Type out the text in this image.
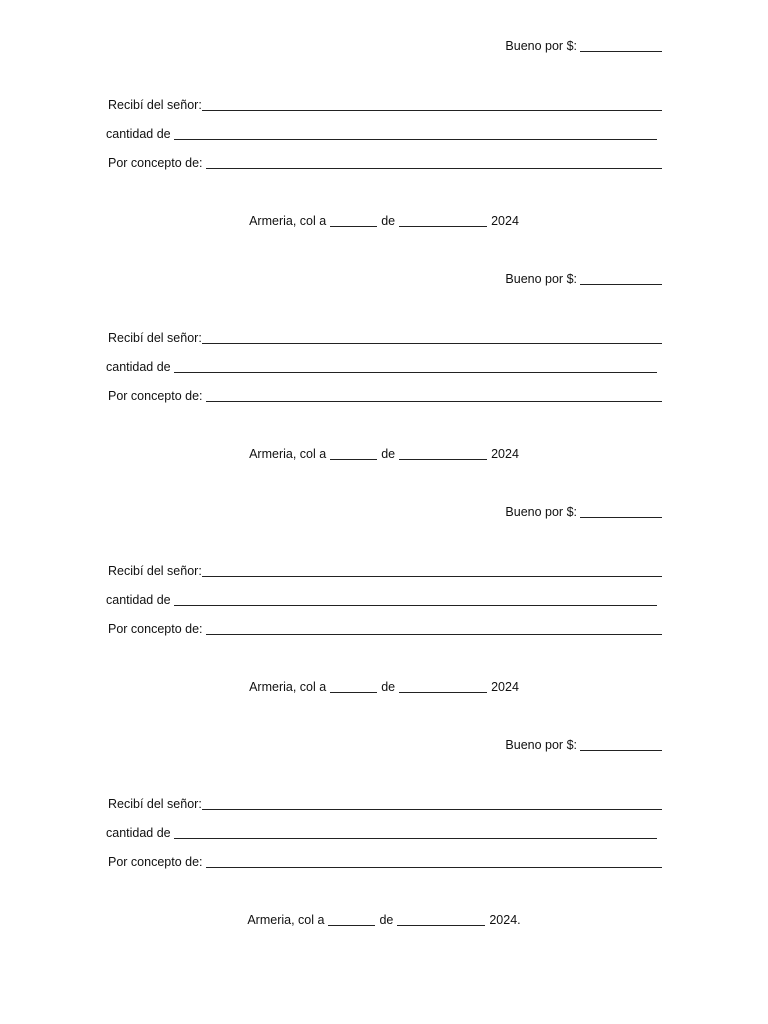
Bueno por $:
Recibí del señor:
cantidad de
Por concepto de:
Armeria, col a	de	2024
Bueno por $:
Recibí del señor:
cantidad de
Por concepto de:
Armeria, col a	de	2024
Bueno por $:
Recibí del señor:
cantidad de
Por concepto de:
Armeria, col a	de	2024
Bueno por $:
Recibí del señor:
cantidad de
Por concepto de:
Armeria, col a	de	2024.
